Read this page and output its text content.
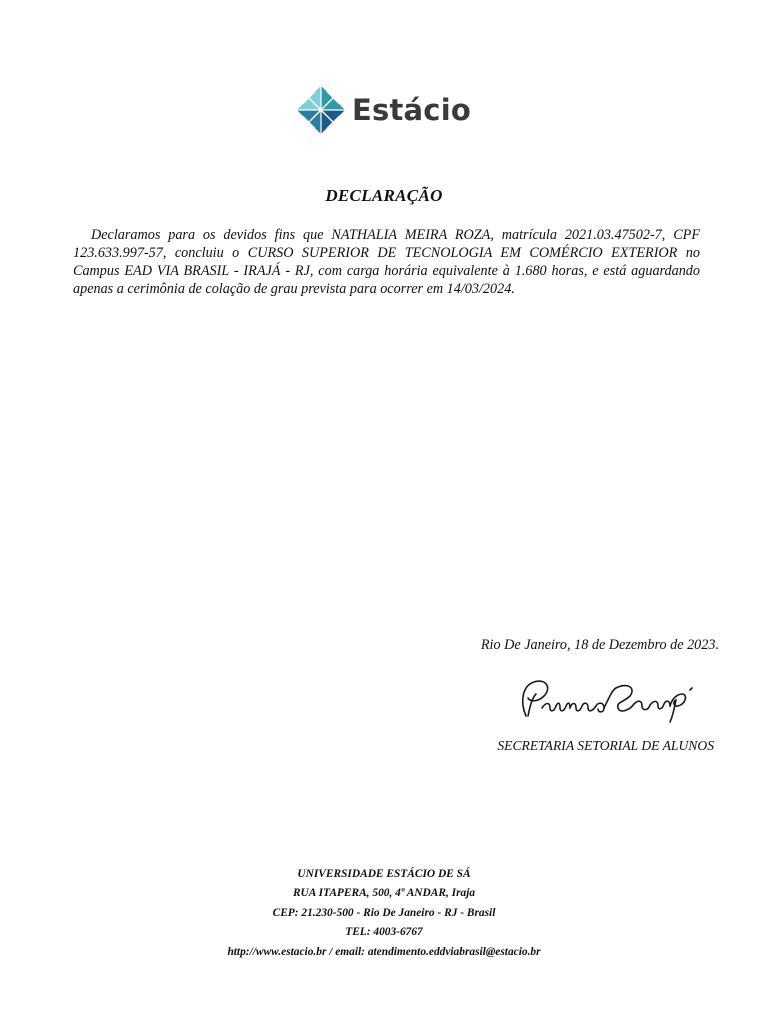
Estácio
DECLARAÇÃO

Declaramos para os devidos fins que NATHALIA MEIRA ROZA, matrícula 2021.03.47502-7, CPF 123.633.997-57, concluiu o CURSO SUPERIOR DE TECNOLOGIA EM COMÉRCIO EXTERIOR no Campus EAD VIA BRASIL - IRAJÁ - RJ, com carga horária equivalente à 1.680 horas, e está aguardando apenas a cerimônia de colação de grau prevista para ocorrer em 14/03/2024.

Rio De Janeiro, 18 de Dezembro de 2023.
SECRETARIA SETORIAL DE ALUNOS
UNIVERSIDADE ESTÁCIO DE SÁ
RUA ITAPERA, 500, 4º ANDAR, Iraja
CEP: 21.230-500 - Rio De Janeiro - RJ - Brasil
TEL: 4003-6767
http://www.estacio.br / email: atendimento.eddviabrasil@estacio.br
